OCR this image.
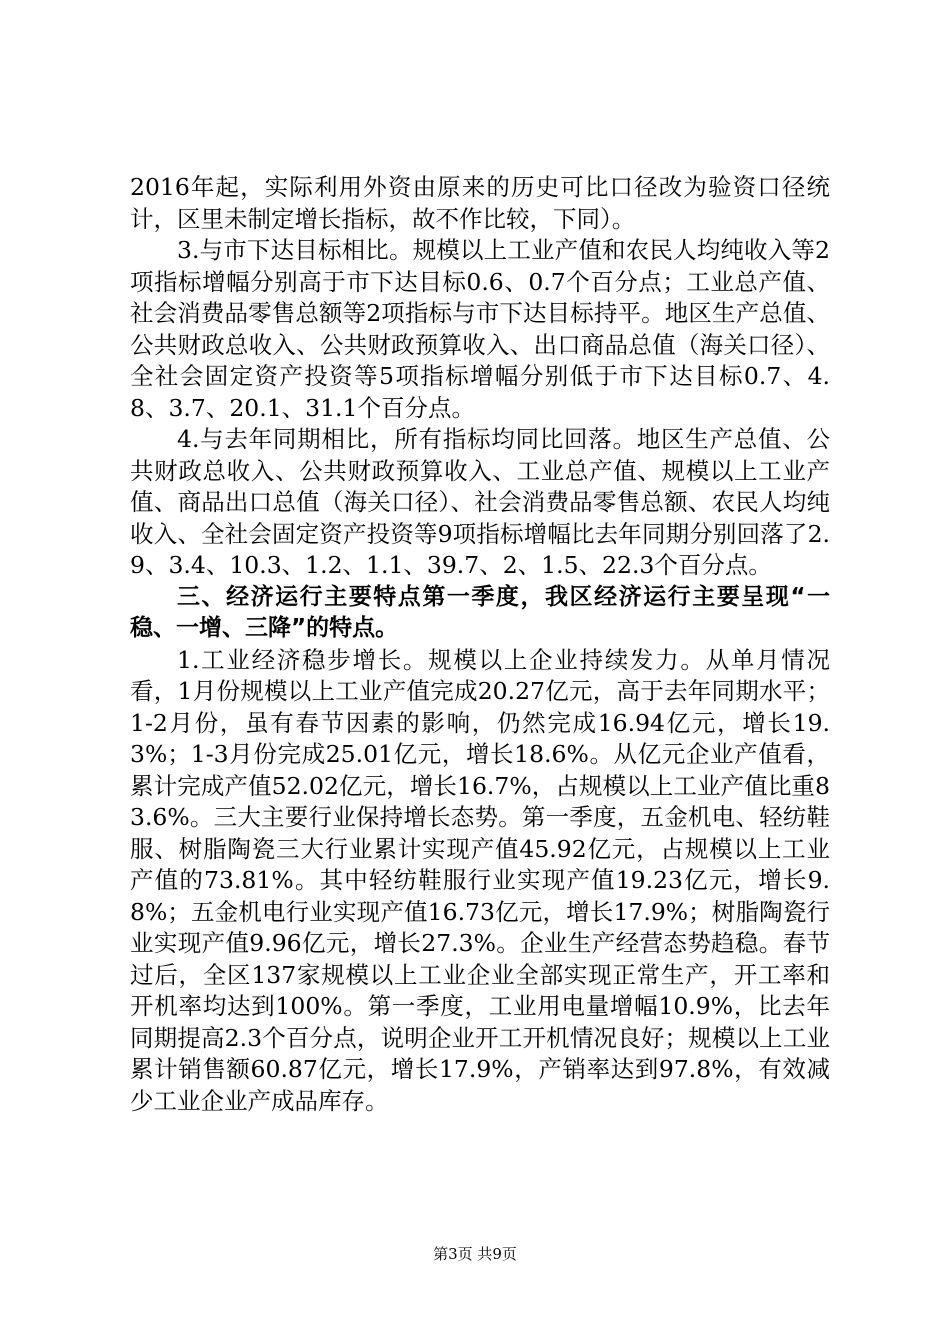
2016年起，实际利用外资由原来的历史可比口径改为验资口径统计，区里未制定增长指标，故不作比较，下同）。

3.与市下达目标相比。规模以上工业产值和农民人均纯收入等2项指标增幅分别高于市下达目标0.6、0.7个百分点；工业总产值、社会消费品零售总额等2项指标与市下达目标持平。地区生产总值、公共财政总收入、公共财政预算收入、出口商品总值（海关口径）、全社会固定资产投资等5项指标增幅分别低于市下达目标0.7、4.8、3.7、20.1、31.1个百分点。

4.与去年同期相比，所有指标均同比回落。地区生产总值、公共财政总收入、公共财政预算收入、工业总产值、规模以上工业产值、商品出口总值（海关口径）、社会消费品零售总额、农民人均纯收入、全社会固定资产投资等9项指标增幅比去年同期分别回落了2.9、3.4、10.3、1.2、1.1、39.7、2、1.5、22.3个百分点。

三、经济运行主要特点第一季度，我区经济运行主要呈现“一稳、一增、三降”的特点。

1.工业经济稳步增长。规模以上企业持续发力。从单月情况看，1月份规模以上工业产值完成20.27亿元，高于去年同期水平；1-2月份，虽有春节因素的影响，仍然完成16.94亿元，增长19.3%；1-3月份完成25.01亿元，增长18.6%。从亿元企业产值看，累计完成产值52.02亿元，增长16.7%，占规模以上工业产值比重83.6%。三大主要行业保持增长态势。第一季度，五金机电、轻纺鞋服、树脂陶瓷三大行业累计实现产值45.92亿元，占规模以上工业产值的73.81%。其中轻纺鞋服行业实现产值19.23亿元，增长9.8%；五金机电行业实现产值16.73亿元，增长17.9%；树脂陶瓷行业实现产值9.96亿元，增长27.3%。企业生产经营态势趋稳。春节过后，全区137家规模以上工业企业全部实现正常生产，开工率和开机率均达到100%。第一季度，工业用电量增幅10.9%，比去年同期提高2.3个百分点，说明企业开工开机情况良好；规模以上工业累计销售额60.87亿元，增长17.9%，产销率达到97.8%，有效减少工业企业产成品库存。

第3页 共9页
